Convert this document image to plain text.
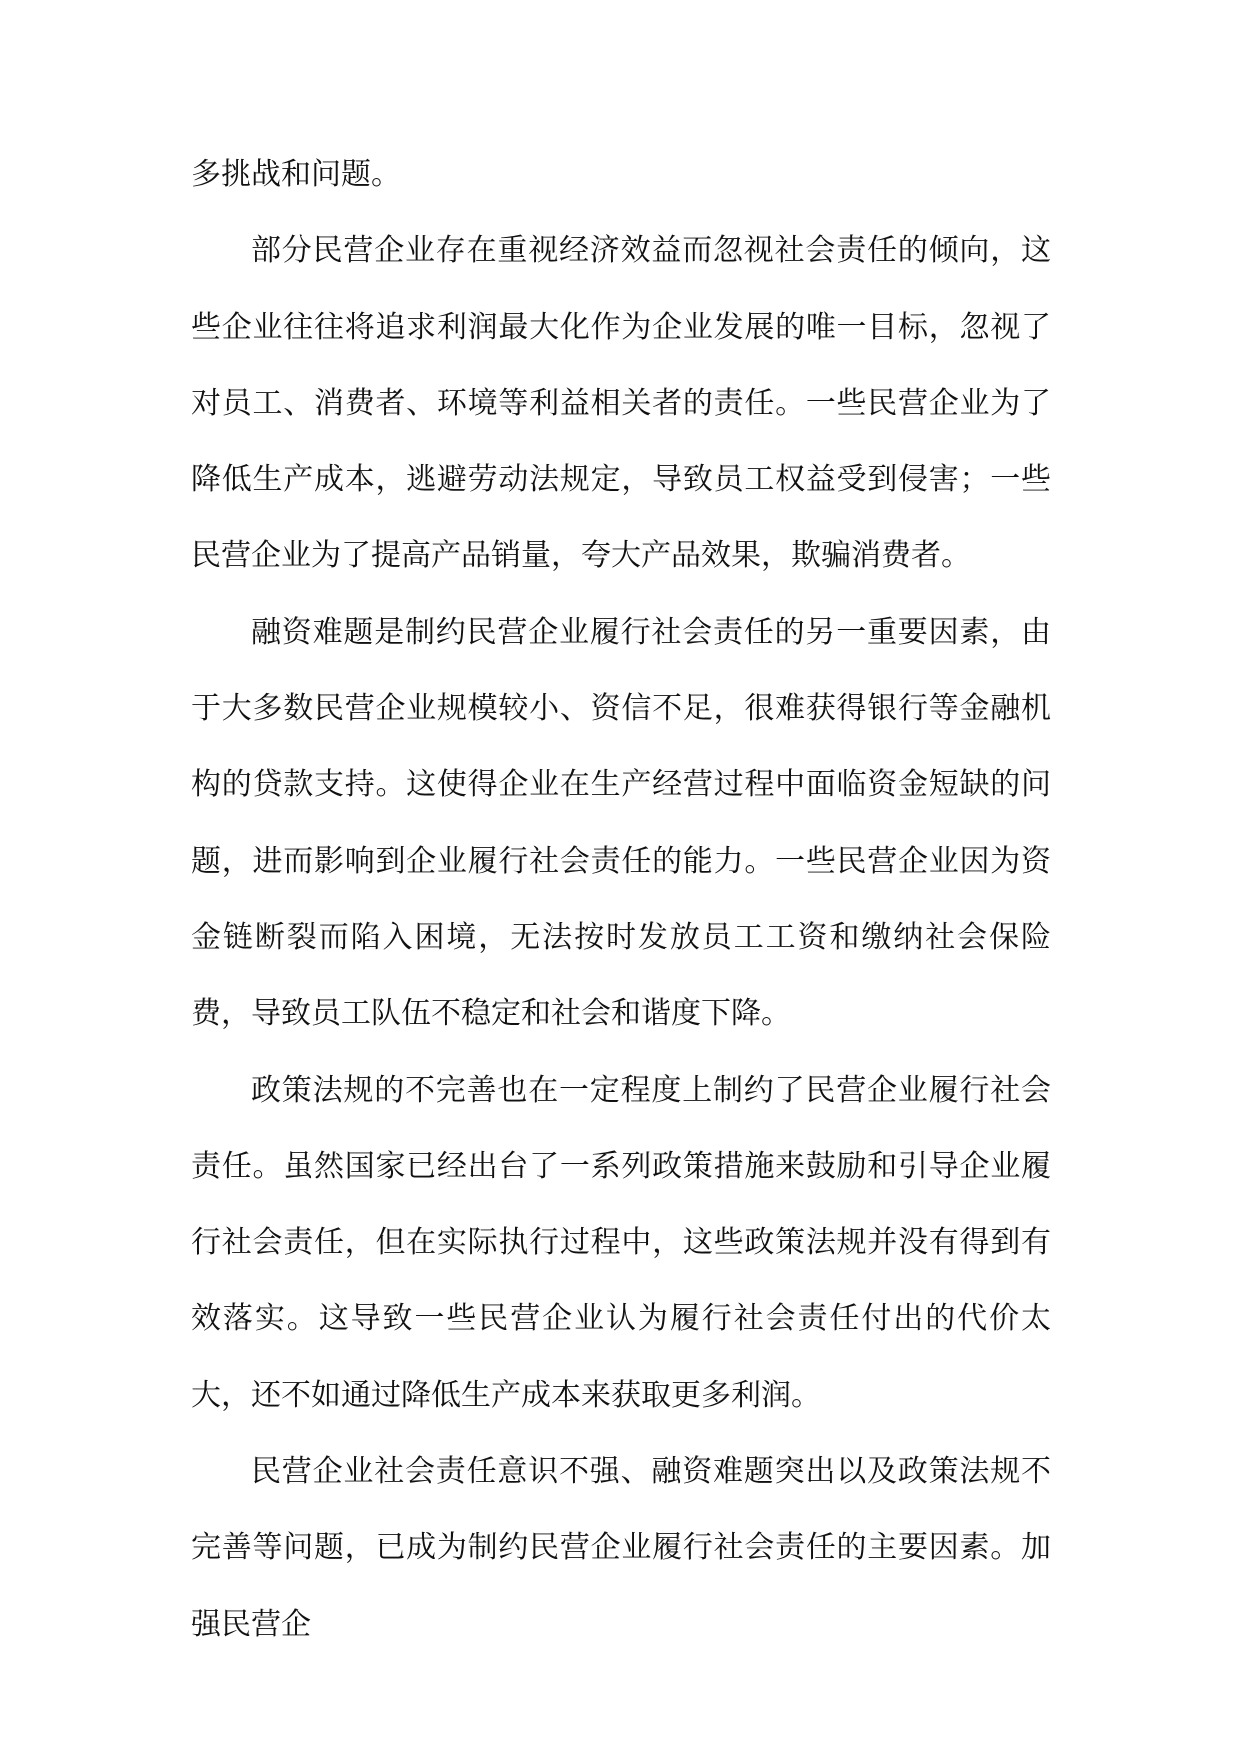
多挑战和问题。

部分民营企业存在重视经济效益而忽视社会责任的倾向，这些企业往往将追求利润最大化作为企业发展的唯一目标，忽视了对员工、消费者、环境等利益相关者的责任。一些民营企业为了降低生产成本，逃避劳动法规定，导致员工权益受到侵害；一些民营企业为了提高产品销量，夸大产品效果，欺骗消费者。

融资难题是制约民营企业履行社会责任的另一重要因素，由于大多数民营企业规模较小、资信不足，很难获得银行等金融机构的贷款支持。这使得企业在生产经营过程中面临资金短缺的问题，进而影响到企业履行社会责任的能力。一些民营企业因为资金链断裂而陷入困境，无法按时发放员工工资和缴纳社会保险费，导致员工队伍不稳定和社会和谐度下降。

政策法规的不完善也在一定程度上制约了民营企业履行社会责任。虽然国家已经出台了一系列政策措施来鼓励和引导企业履行社会责任，但在实际执行过程中，这些政策法规并没有得到有效落实。这导致一些民营企业认为履行社会责任付出的代价太大，还不如通过降低生产成本来获取更多利润。

民营企业社会责任意识不强、融资难题突出以及政策法规不完善等问题，已成为制约民营企业履行社会责任的主要因素。加强民营企
